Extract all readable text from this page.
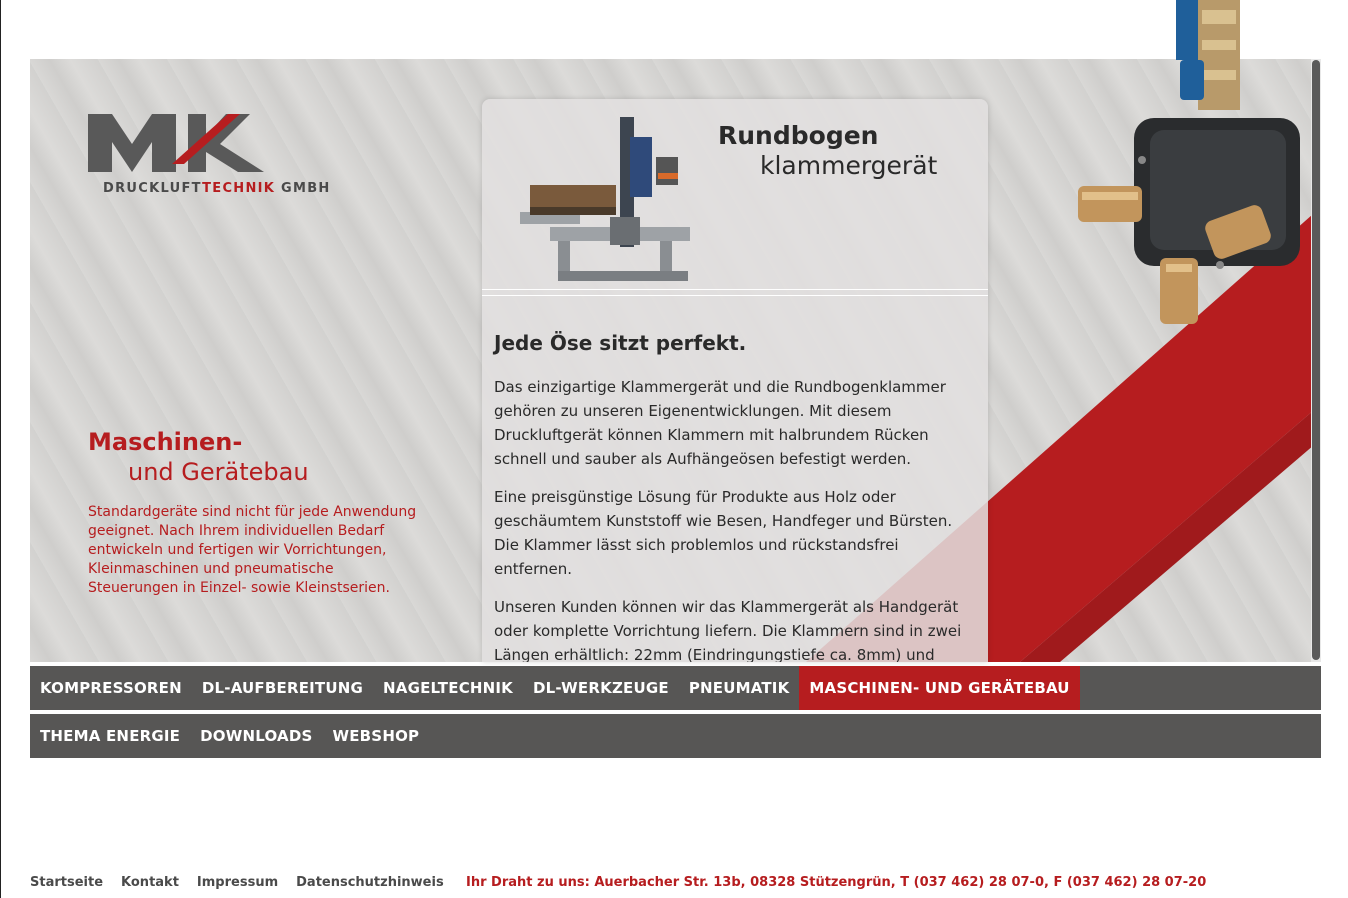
DRUCKLUFTTECHNIK GMBH
Maschinen-
und Gerätebau
Standardgeräte sind nicht für jede Anwendung geeignet. Nach Ihrem individuellen Bedarf entwickeln und fertigen wir Vorrichtungen, Kleinmaschinen und pneumatische Steuerungen in Einzel- sowie Kleinstserien.
Rundbogen
klammergerät
Jede Öse sitzt perfekt.

Das einzigartige Klammergerät und die Rundbogenklammer gehören zu unseren Eigenentwicklungen. Mit diesem Druckluftgerät können Klammern mit halbrundem Rücken schnell und sauber als Aufhängeösen befestigt werden.

Eine preisgünstige Lösung für Produkte aus Holz oder geschäumtem Kunststoff wie Besen, Handfeger und Bürsten. Die Klammer lässt sich problemlos und rückstandsfrei entfernen.

Unseren Kunden können wir das Klammergerät als Handgerät oder komplette Vorrichtung liefern. Die Klammern sind in zwei Längen erhältlich: 22mm (Eindringungstiefe ca. 8mm) und

KOMPRESSOREN	DL-AUFBEREITUNG	NAGELTECHNIK	DL-WERKZEUGE	PNEUMATIK	MASCHINEN- UND GERÄTEBAU
THEMA ENERGIE	DOWNLOADS	WEBSHOP
Startseite Kontakt Impressum Datenschutzhinweis Ihr Draht zu uns: Auerbacher Str. 13b, 08328 Stützengrün, T (037 462) 28 07-0, F (037 462) 28 07-20
